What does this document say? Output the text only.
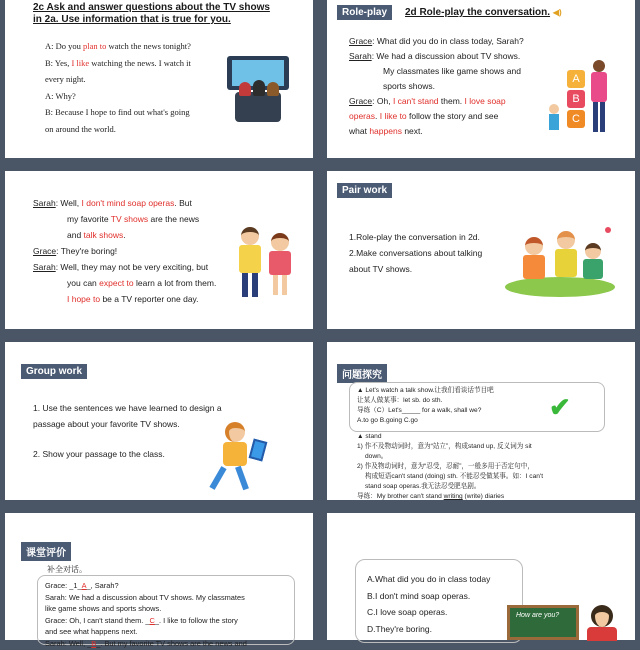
2c Ask and answer questions about the TV shows
in 2a. Use information that is true for you.
A: Do you plan to watch the news tonight?
B: Yes, I like watching the news. I watch it
every night.
A: Why?
B: Because I hope to find out what's going
on around the world.
Role-play	2d Role-play the conversation. ◀)
Grace: What did you do in class today, Sarah?
Sarah: We had a discussion about TV shows.
My classmates like game shows and
sports shows.
Grace: Oh, I can't stand them. I love soap
operas. I like to follow the story and see
what happens next.
A
B
C
Sarah: Well, I don't mind soap operas. But
my favorite TV shows are the news
and talk shows.
Grace: They're boring!
Sarah: Well, they may not be very exciting, but
you can expect to learn a lot from them.
I hope to be a TV reporter one day.
Pair work
1.Role-play the conversation in 2d.
2.Make conversations about talking
about TV shows.
Group work
1. Use the sentences we have learned to design a
passage about your favorite TV shows.
2. Show your passage to the class.
问题探究
▲ Let's watch a talk show.让我们看谈话节目吧
让某人做某事：let sb. do sth.
导练（C）Let's_____ for a walk, shall we?
A.to go B.going C.go
▲ stand
1) 作不及物动词时，意为“站立”，构成stand up, 反义词为 sit
down。
2) 作及物动词时，意为“忍受，忍耐”，一般多用于否定句中，
构成短语can't stand (doing) sth. 不能忍受做某事。如：I can't
stand soap operas.我无法忍受肥皂剧。
导练：My brother can't stand writing (write) diaries
✔
课堂评价
补全对话。
Grace: _1_A_, Sarah?
Sarah: We had a discussion about TV shows. My classmates
like game shows and sports shows.
Grace: Oh, I can't stand them. _C_. I like to follow the story
and see what happens next.
Sarah: Well, _B_. But my favorite TV shows are the news and
A.What did you do in class today
B.I don't mind soap operas.
C.I love soap operas.
D.They're boring.
How are you?
